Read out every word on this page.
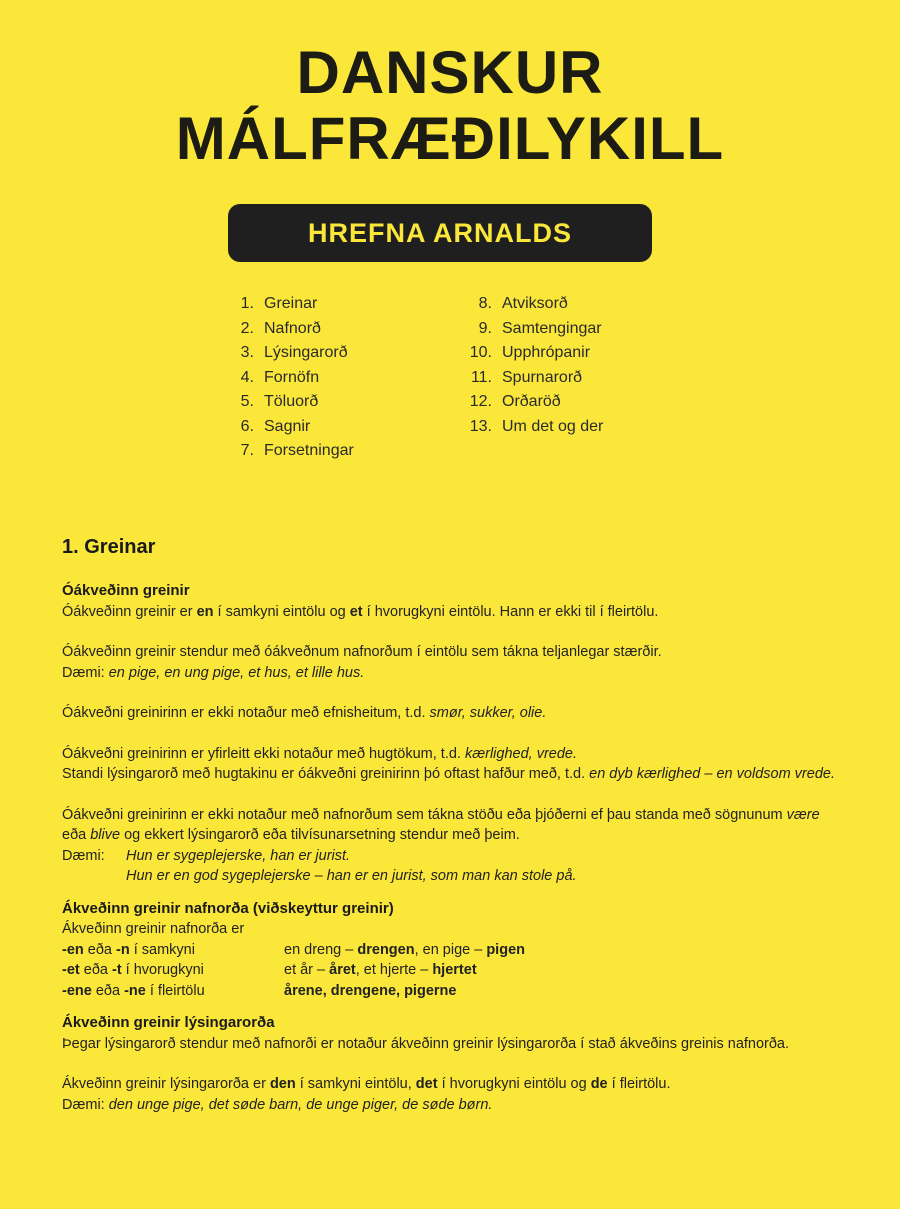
DANSKUR
MÁLFRÆÐILYKILL
HREFNA ARNALDS
1. Greinar
2. Nafnorð
3. Lýsingarorð
4. Fornöfn
5. Töluorð
6. Sagnir
7. Forsetningar
8. Atviksorð
9. Samtengingar
10. Upphrópanir
11. Spurnarorð
12. Orðaröð
13. Um det og der
1. Greinar
Óákveðinn greinir

Óákveðinn greinir er en í samkyni eintölu og et í hvorugkyni eintölu. Hann er ekki til í fleirtölu.

Óákveðinn greinir stendur með óákveðnum nafnorðum í eintölu sem tákna teljanlegar stærðir.

Dæmi: en pige, en ung pige, et hus, et lille hus.

Óákveðni greinirinn er ekki notaður með efnisheitum, t.d. smør, sukker, olie.

Óákveðni greinirinn er yfirleitt ekki notaður með hugtökum, t.d. kærlighed, vrede.

Standi lýsingarorð með hugtakinu er óákveðni greinirinn þó oftast hafður með, t.d. en dyb kærlighed – en voldsom vrede.

Óákveðni greinirinn er ekki notaður með nafnorðum sem tákna stöðu eða þjóðerni ef þau standa með sögnunum være eða blive og ekkert lýsingarorð eða tilvísunarsetning stendur með þeim.

Dæmi:	Hun er sygeplejerske, han er jurist.

Hun er en god sygeplejerske – han er en jurist, som man kan stole på.

Ákveðinn greinir nafnorða (viðskeyttur greinir)

Ákveðinn greinir nafnorða er

-en eða -n í samkyni	en dreng – drengen, en pige – pigen
-et eða -t í hvorugkyni	et år – året, et hjerte – hjertet
-ene eða -ne í fleirtölu	årene, drengene, pigerne
Ákveðinn greinir lýsingarorða

Þegar lýsingarorð stendur með nafnorði er notaður ákveðinn greinir lýsingarorða í stað ákveðins greinis nafnorða.

Ákveðinn greinir lýsingarorða er den í samkyni eintölu, det í hvorugkyni eintölu og de í fleirtölu.

Dæmi: den unge pige, det søde barn, de unge piger, de søde børn.
